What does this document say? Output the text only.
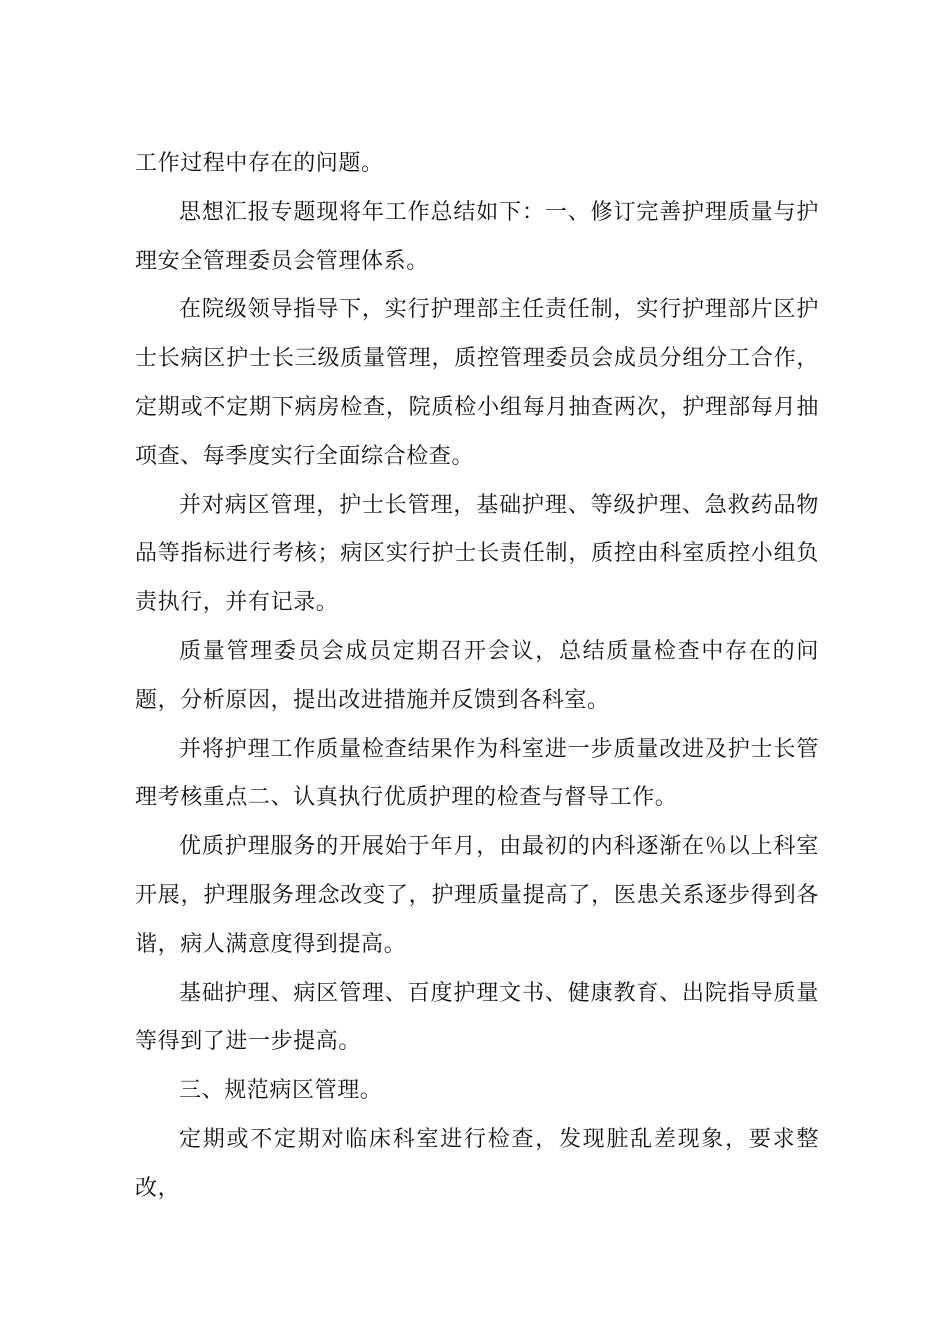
工作过程中存在的问题。

思想汇报专题现将年工作总结如下：一、修订完善护理质量与护理安全管理委员会管理体系。

在院级领导指导下，实行护理部主任责任制，实行护理部片区护士长病区护士长三级质量管理，质控管理委员会成员分组分工合作，定期或不定期下病房检查，院质检小组每月抽查两次，护理部每月抽项查、每季度实行全面综合检查。

并对病区管理，护士长管理，基础护理、等级护理、急救药品物品等指标进行考核；病区实行护士长责任制，质控由科室质控小组负责执行，并有记录。

质量管理委员会成员定期召开会议，总结质量检查中存在的问题，分析原因，提出改进措施并反馈到各科室。

并将护理工作质量检查结果作为科室进一步质量改进及护士长管理考核重点二、认真执行优质护理的检查与督导工作。

优质护理服务的开展始于年月，由最初的内科逐渐在％以上科室开展，护理服务理念改变了，护理质量提高了，医患关系逐步得到各谐，病人满意度得到提高。

基础护理、病区管理、百度护理文书、健康教育、出院指导质量等得到了进一步提高。

三、规范病区管理。

定期或不定期对临床科室进行检查，发现脏乱差现象，要求整改，
